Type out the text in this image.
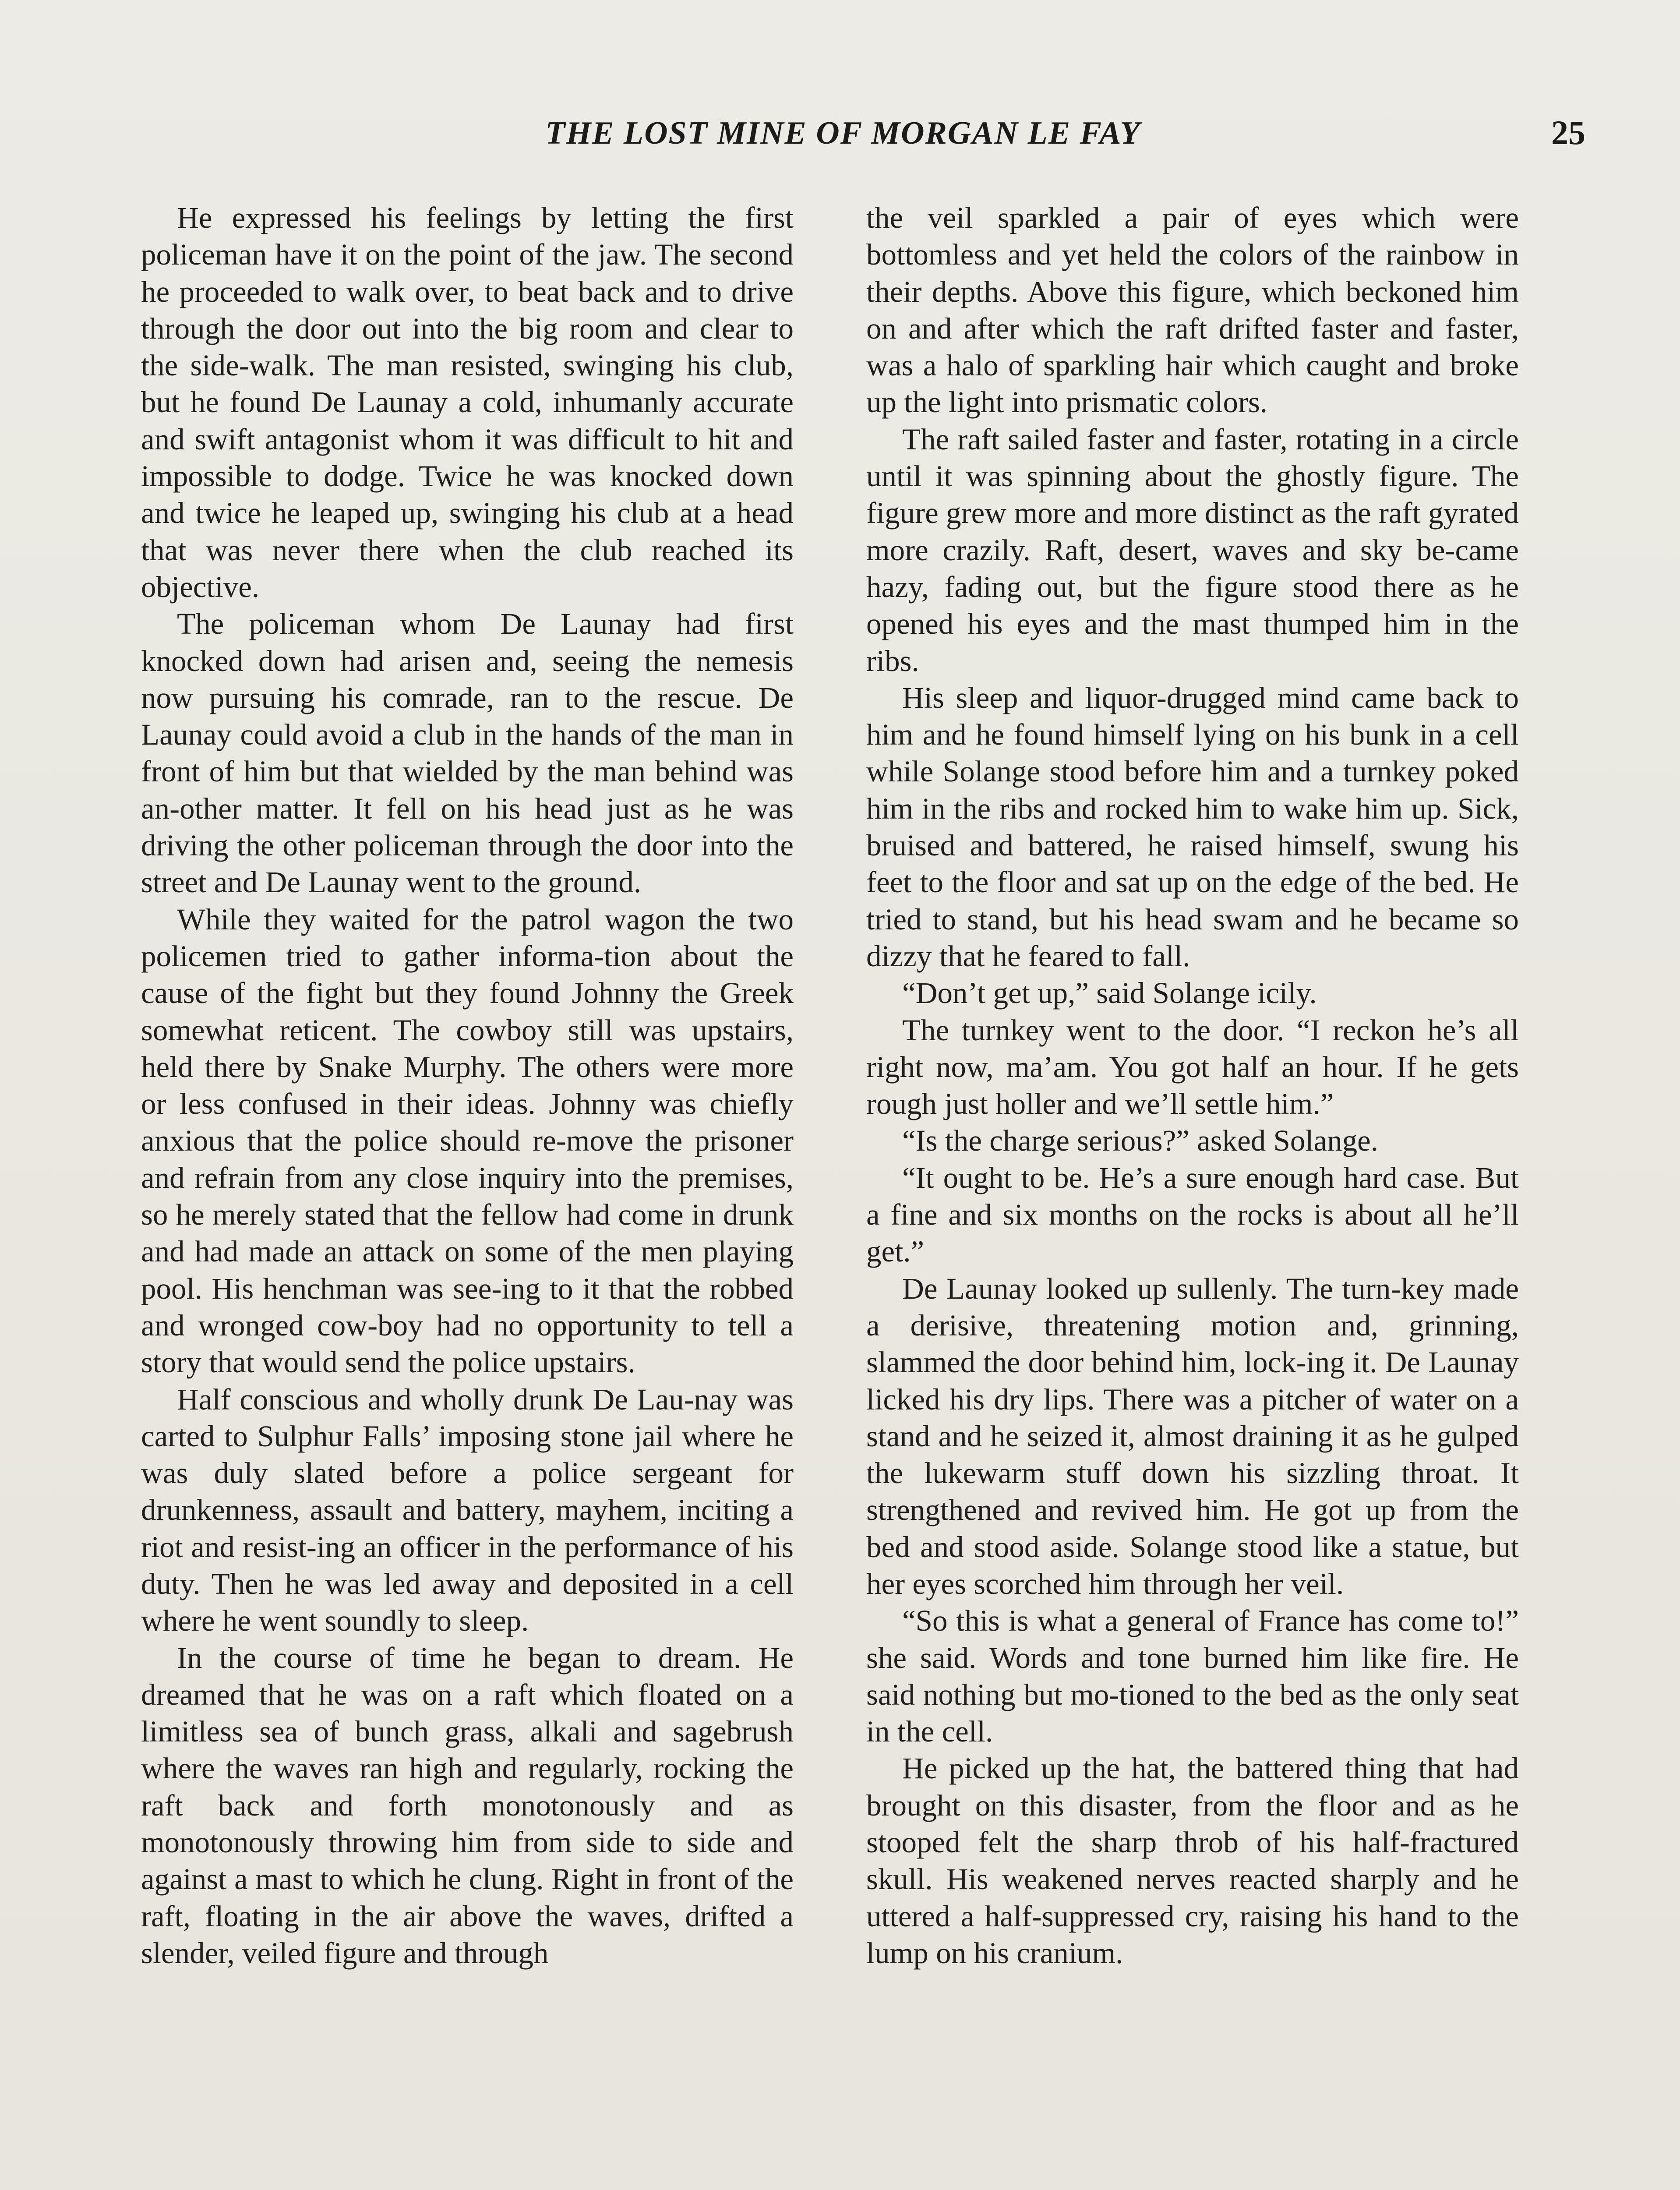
THE LOST MINE OF MORGAN LE FAY	25

He expressed his feelings by letting the first policeman have it on the point of the jaw. The second he proceeded to walk over, to beat back and to drive through the door out into the big room and clear to the side-walk. The man resisted, swinging his club, but he found De Launay a cold, inhumanly accurate and swift antagonist whom it was difficult to hit and impossible to dodge. Twice he was knocked down and twice he leaped up, swinging his club at a head that was never there when the club reached its objective.

The policeman whom De Launay had first knocked down had arisen and, seeing the nemesis now pursuing his comrade, ran to the rescue. De Launay could avoid a club in the hands of the man in front of him but that wielded by the man behind was an-other matter. It fell on his head just as he was driving the other policeman through the door into the street and De Launay went to the ground.

While they waited for the patrol wagon the two policemen tried to gather informa-tion about the cause of the fight but they found Johnny the Greek somewhat reticent. The cowboy still was upstairs, held there by Snake Murphy. The others were more or less confused in their ideas. Johnny was chiefly anxious that the police should re-move the prisoner and refrain from any close inquiry into the premises, so he merely stated that the fellow had come in drunk and had made an attack on some of the men playing pool. His henchman was see-ing to it that the robbed and wronged cow-boy had no opportunity to tell a story that would send the police upstairs.

Half conscious and wholly drunk De Lau-nay was carted to Sulphur Falls’ imposing stone jail where he was duly slated before a police sergeant for drunkenness, assault and battery, mayhem, inciting a riot and resist-ing an officer in the performance of his duty. Then he was led away and deposited in a cell where he went soundly to sleep.

In the course of time he began to dream. He dreamed that he was on a raft which floated on a limitless sea of bunch grass, alkali and sagebrush where the waves ran high and regularly, rocking the raft back and forth monotonously and as monotonously throwing him from side to side and against a mast to which he clung. Right in front of the raft, floating in the air above the waves, drifted a slender, veiled figure and through

the veil sparkled a pair of eyes which were bottomless and yet held the colors of the rainbow in their depths. Above this figure, which beckoned him on and after which the raft drifted faster and faster, was a halo of sparkling hair which caught and broke up the light into prismatic colors.

The raft sailed faster and faster, rotating in a circle until it was spinning about the ghostly figure. The figure grew more and more distinct as the raft gyrated more crazily. Raft, desert, waves and sky be-came hazy, fading out, but the figure stood there as he opened his eyes and the mast thumped him in the ribs.

His sleep and liquor-drugged mind came back to him and he found himself lying on his bunk in a cell while Solange stood before him and a turnkey poked him in the ribs and rocked him to wake him up. Sick, bruised and battered, he raised himself, swung his feet to the floor and sat up on the edge of the bed. He tried to stand, but his head swam and he became so dizzy that he feared to fall.

“Don’t get up,” said Solange icily.

The turnkey went to the door. “I reckon he’s all right now, ma’am. You got half an hour. If he gets rough just holler and we’ll settle him.”

“Is the charge serious?” asked Solange.

“It ought to be. He’s a sure enough hard case. But a fine and six months on the rocks is about all he’ll get.”

De Launay looked up sullenly. The turn-key made a derisive, threatening motion and, grinning, slammed the door behind him, lock-ing it. De Launay licked his dry lips. There was a pitcher of water on a stand and he seized it, almost draining it as he gulped the lukewarm stuff down his sizzling throat. It strengthened and revived him. He got up from the bed and stood aside. Solange stood like a statue, but her eyes scorched him through her veil.

“So this is what a general of France has come to!” she said. Words and tone burned him like fire. He said nothing but mo-tioned to the bed as the only seat in the cell.

He picked up the hat, the battered thing that had brought on this disaster, from the floor and as he stooped felt the sharp throb of his half-fractured skull. His weakened nerves reacted sharply and he uttered a half-suppressed cry, raising his hand to the lump on his cranium.
